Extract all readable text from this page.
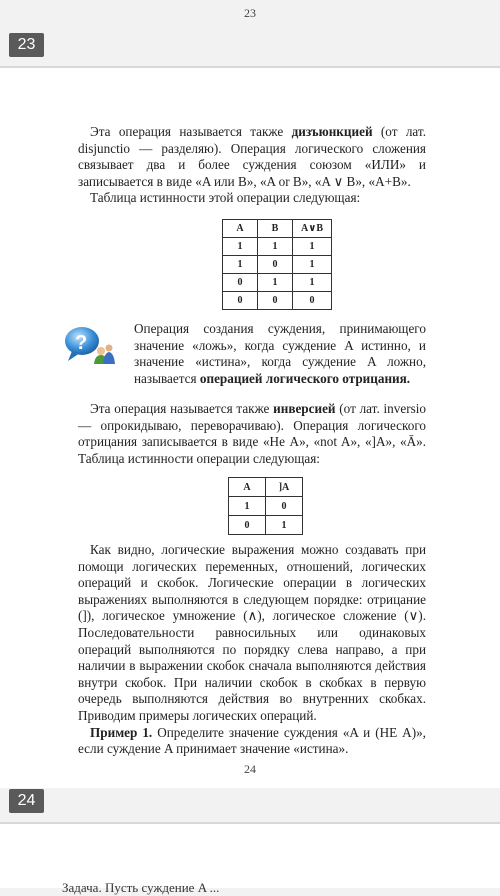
23
23

Эта операция называется также дизъюнкцией (от лат. disjunctio — разделяю). Операция логического сложения связывает два и более суждения союзом «ИЛИ» и записывается в виде «A или B», «A or B», «A ∨ B», «A+B».

Таблица истинности этой операции следующая:

A	B	A∨B
1	1	1
1	0	1
0	1	1
0	0	0
?
Операция создания суждения, принимающего значение «ложь», когда суждение A истинно, и значение «истина», когда суждение A ложно, называется операцией логического отрицания.

Эта операция называется также инверсией (от лат. inversio — опрокидываю, переворачиваю). Операция логического отрицания записывается в виде «Не A», «not A», «]A», «Ā». Таблица истинности операции следующая:

A	]A
1	0
0	1

Как видно, логические выражения можно создавать при помощи логических переменных, отношений, логических операций и скобок. Логические операции в логических выражениях выполняются в следующем порядке: отрицание (]), логическое умножение (∧), логическое сложение (∨). Последовательности равносильных или одинаковых операций выполняются по порядку слева направо, а при наличии в выражении скобок сначала выполняются действия внутри скобок. При наличии скобок в скобках в первую очередь выполняются действия во внутренних скобках. Приводим примеры логических операций.

Пример 1. Определите значение суждения «A и (НЕ A)», если суждение A принимает значение «истина».

24
24
Задача. Пусть суждение A ...
